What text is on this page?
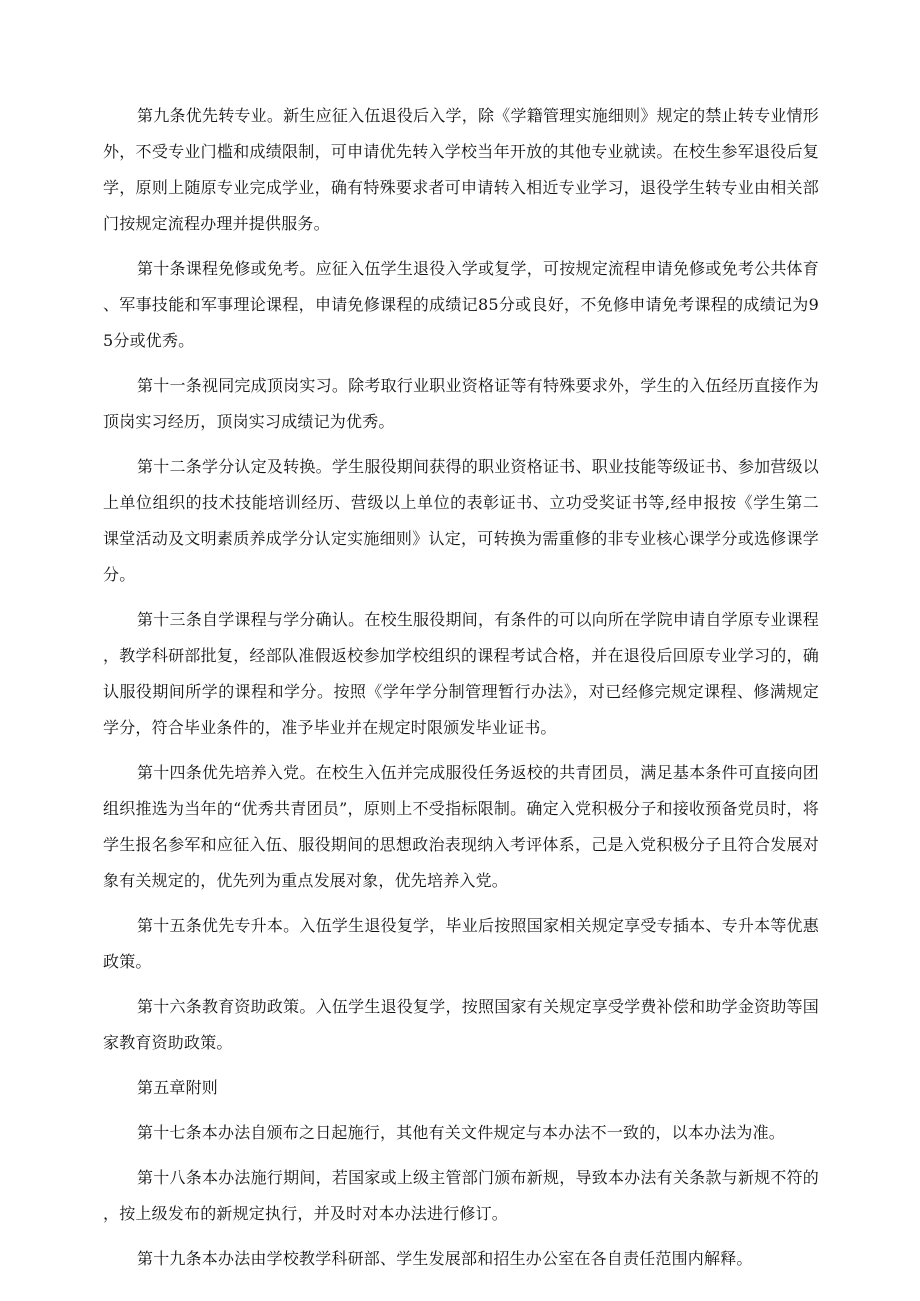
第九条优先转专业。新生应征入伍退役后入学，除《学籍管理实施细则》规定的禁止转专业情形外，不受专业门槛和成绩限制，可申请优先转入学校当年开放的其他专业就读。在校生参军退役后复学，原则上随原专业完成学业，确有特殊要求者可申请转入相近专业学习，退役学生转专业由相关部门按规定流程办理并提供服务。

第十条课程免修或免考。应征入伍学生退役入学或复学，可按规定流程申请免修或免考公共体育、军事技能和军事理论课程，申请免修课程的成绩记85分或良好，不免修申请免考课程的成绩记为95分或优秀。

第十一条视同完成顶岗实习。除考取行业职业资格证等有特殊要求外，学生的入伍经历直接作为顶岗实习经历，顶岗实习成绩记为优秀。

第十二条学分认定及转换。学生服役期间获得的职业资格证书、职业技能等级证书、参加营级以上单位组织的技术技能培训经历、营级以上单位的表彰证书、立功受奖证书等,经申报按《学生第二课堂活动及文明素质养成学分认定实施细则》认定，可转换为需重修的非专业核心课学分或选修课学分。

第十三条自学课程与学分确认。在校生服役期间，有条件的可以向所在学院申请自学原专业课程，教学科研部批复，经部队准假返校参加学校组织的课程考试合格，并在退役后回原专业学习的，确认服役期间所学的课程和学分。按照《学年学分制管理暂行办法》，对已经修完规定课程、修满规定学分，符合毕业条件的，准予毕业并在规定时限颁发毕业证书。

第十四条优先培养入党。在校生入伍并完成服役任务返校的共青团员，满足基本条件可直接向团组织推选为当年的“优秀共青团员”，原则上不受指标限制。确定入党积极分子和接收预备党员时，将学生报名参军和应征入伍、服役期间的思想政治表现纳入考评体系，己是入党积极分子且符合发展对象有关规定的，优先列为重点发展对象，优先培养入党。

第十五条优先专升本。入伍学生退役复学，毕业后按照国家相关规定享受专插本、专升本等优惠政策。

第十六条教育资助政策。入伍学生退役复学，按照国家有关规定享受学费补偿和助学金资助等国家教育资助政策。

第五章附则

第十七条本办法自颁布之日起施行，其他有关文件规定与本办法不一致的，以本办法为准。

第十八条本办法施行期间，若国家或上级主管部门颁布新规，导致本办法有关条款与新规不符的，按上级发布的新规定执行，并及时对本办法进行修订。

第十九条本办法由学校教学科研部、学生发展部和招生办公室在各自责任范围内解释。
